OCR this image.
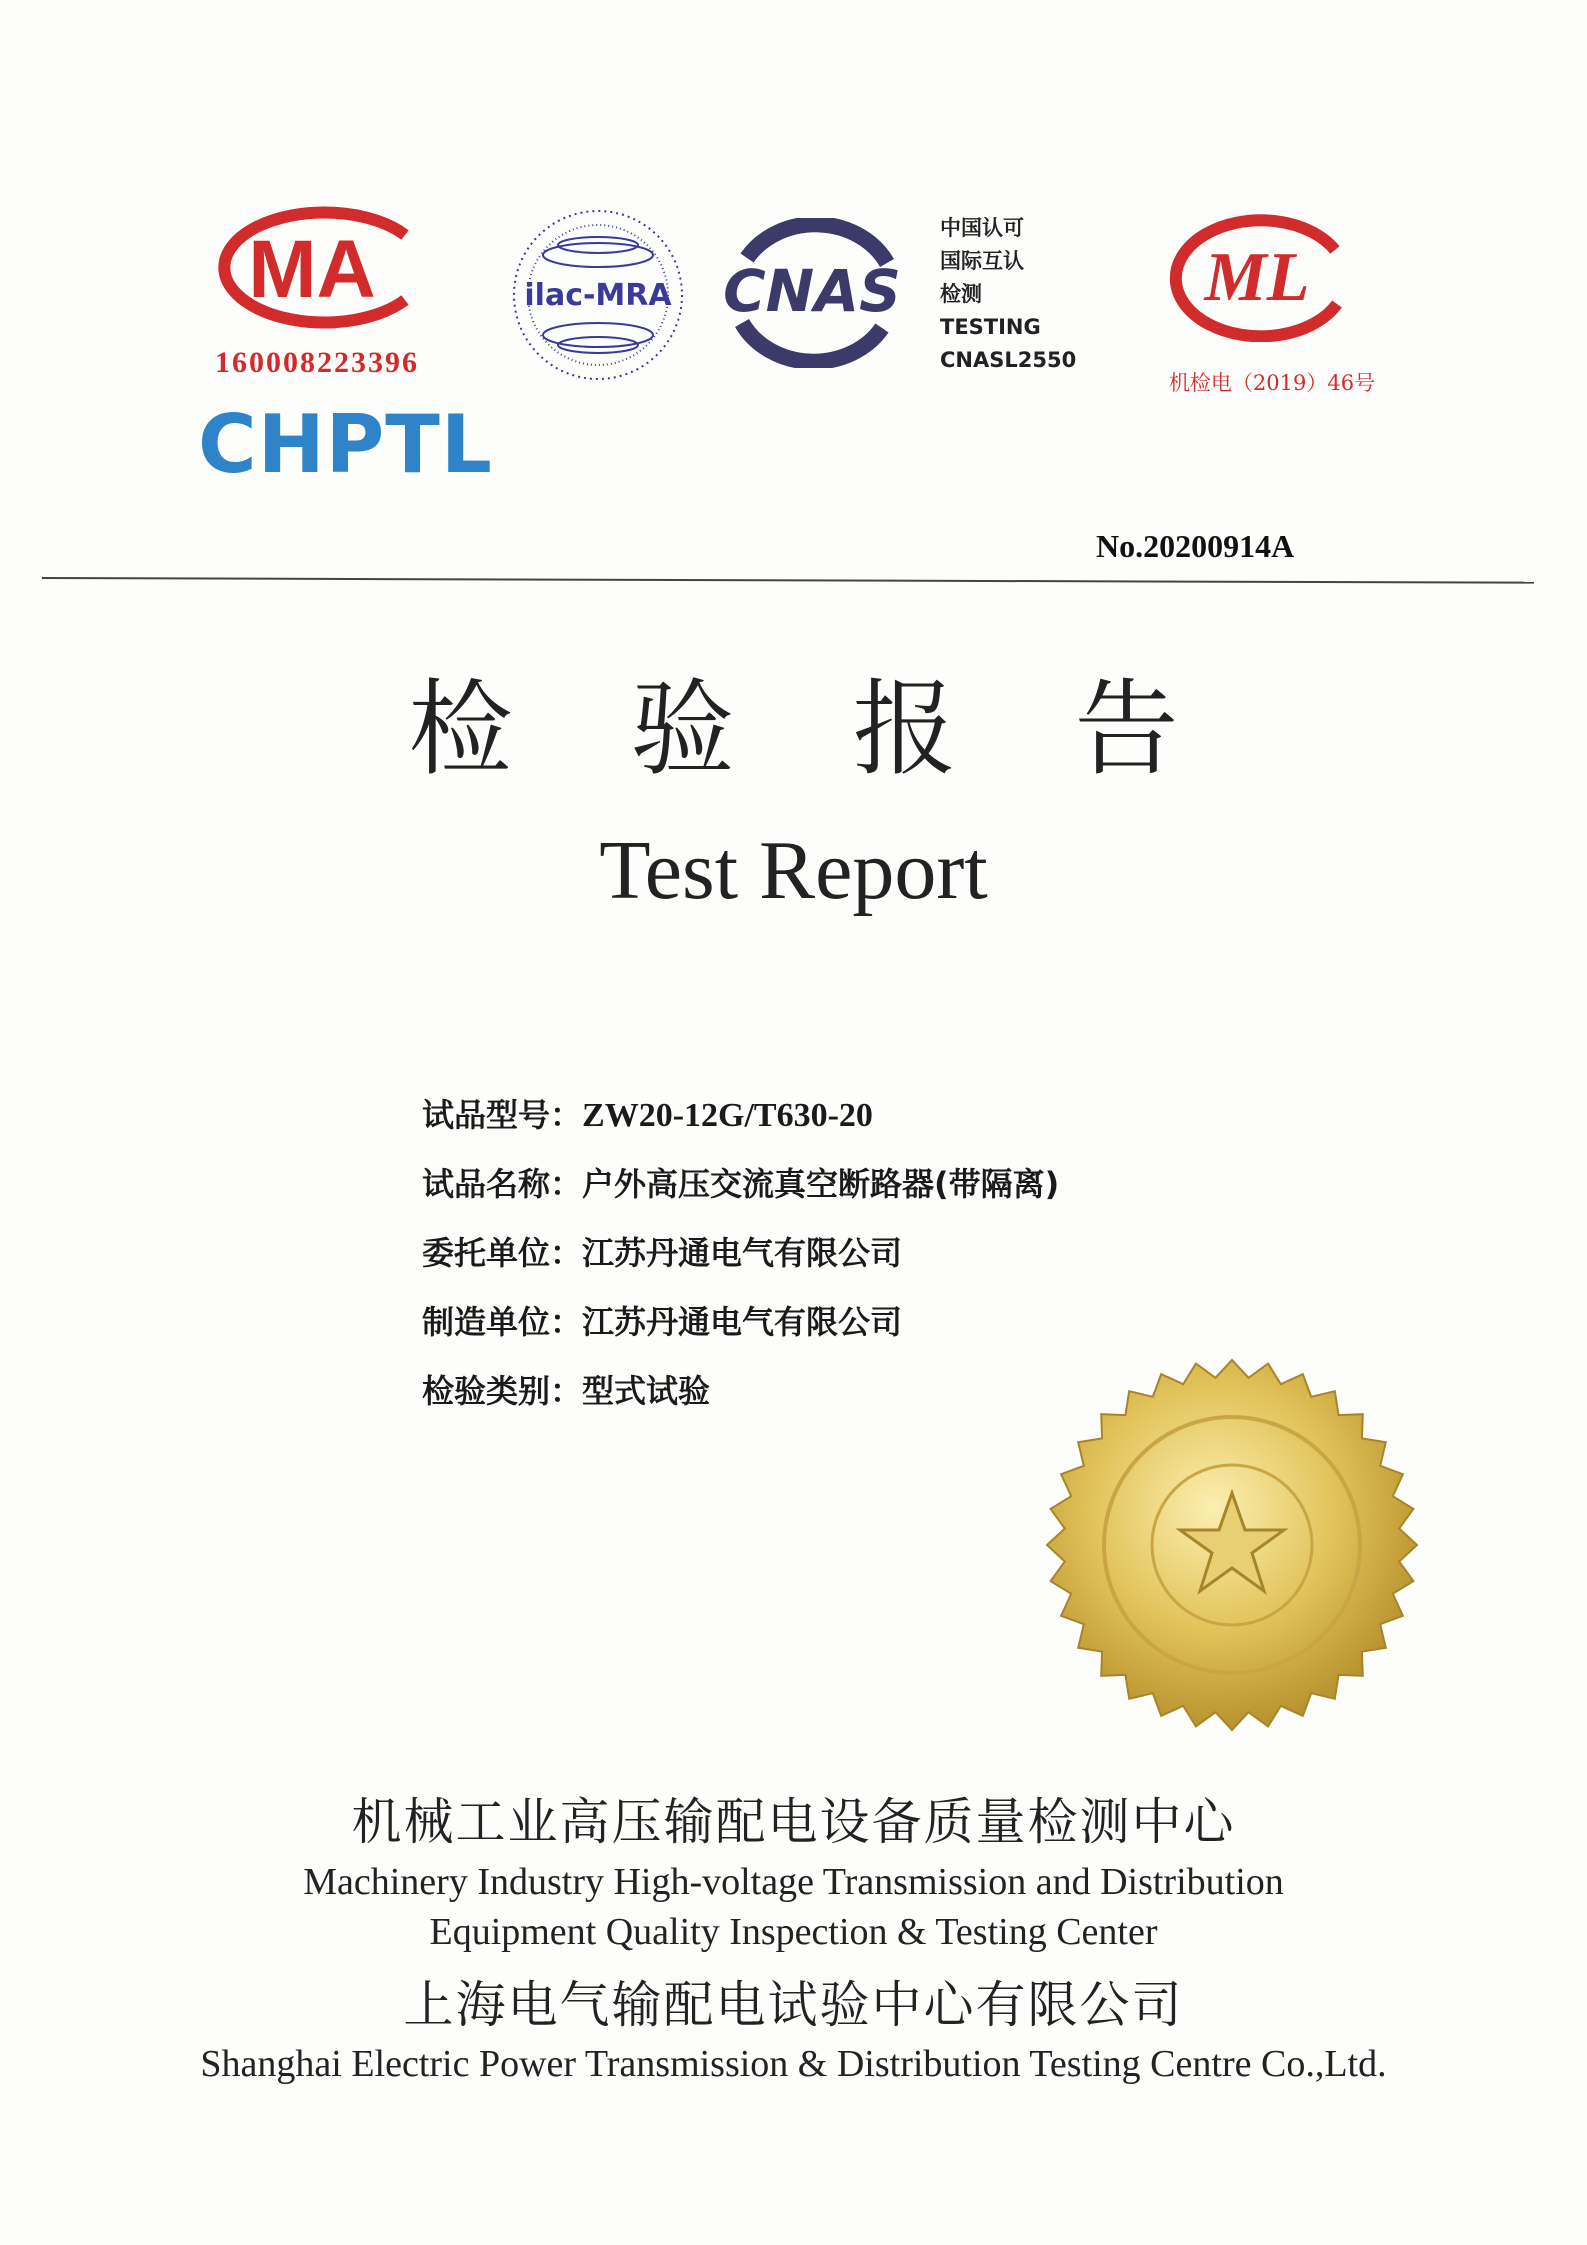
MA
160008223396
CHPTL
ilac-MRA CNAS
中国认可
国际互认
检测
TESTING
CNASL2550
ML
机检电（2019）46号
No.20200914A
检验报告
Test Report
试品型号：ZW20-12G/T630-20
试品名称：户外高压交流真空断路器(带隔离)
委托单位：江苏丹通电气有限公司
制造单位：江苏丹通电气有限公司
检验类别：型式试验
机械工业高压输配电设备质量检测中心
Machinery Industry High-voltage Transmission and Distribution
Equipment Quality Inspection & Testing Center
上海电气输配电试验中心有限公司
Shanghai Electric Power Transmission & Distribution Testing Centre Co.,Ltd.
